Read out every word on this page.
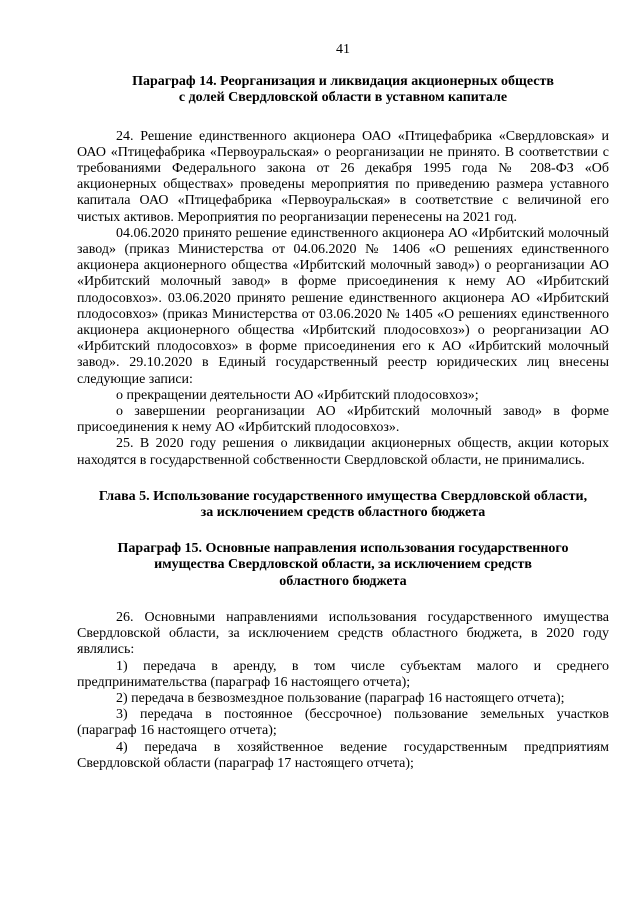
41
Параграф 14. Реорганизация и ликвидация акционерных обществ
с долей Свердловской области в уставном капитале

24. Решение единственного акционера ОАО «Птицефабрика «Свердловская» и ОАО «Птицефабрика «Первоуральская» о реорганизации не принято. В соответствии с требованиями Федерального закона от 26 декабря 1995 года № 208-ФЗ «Об акционерных обществах» проведены мероприятия по приведению размера уставного капитала ОАО «Птицефабрика «Первоуральская» в соответствие с величиной его чистых активов. Мероприятия по реорганизации перенесены на 2021 год.

04.06.2020 принято решение единственного акционера АО «Ирбитский молочный завод» (приказ Министерства от 04.06.2020 № 1406 «О решениях единственного акционера акционерного общества «Ирбитский молочный завод») о реорганизации АО «Ирбитский молочный завод» в форме присоединения к нему АО «Ирбитский плодосовхоз». 03.06.2020 принято решение единственного акционера АО «Ирбитский плодосовхоз» (приказ Министерства от 03.06.2020 № 1405 «О решениях единственного акционера акционерного общества «Ирбитский плодосовхоз») о реорганизации АО «Ирбитский плодосовхоз» в форме присоединения его к АО «Ирбитский молочный завод». 29.10.2020 в Единый государственный реестр юридических лиц внесены следующие записи:

о прекращении деятельности АО «Ирбитский плодосовхоз»;

о завершении реорганизации АО «Ирбитский молочный завод» в форме присоединения к нему АО «Ирбитский плодосовхоз».

25. В 2020 году решения о ликвидации акционерных обществ, акции которых находятся в государственной собственности Свердловской области, не принимались.

Глава 5. Использование государственного имущества Свердловской области,
за исключением средств областного бюджета
Параграф 15. Основные направления использования государственного
имущества Свердловской области, за исключением средств
областного бюджета

26. Основными направлениями использования государственного имущества Свердловской области, за исключением средств областного бюджета, в 2020 году являлись:

1) передача в аренду, в том числе субъектам малого и среднего предпринимательства (параграф 16 настоящего отчета);

2) передача в безвозмездное пользование (параграф 16 настоящего отчета);

3) передача в постоянное (бессрочное) пользование земельных участков (параграф 16 настоящего отчета);

4) передача в хозяйственное ведение государственным предприятиям Свердловской области (параграф 17 настоящего отчета);
